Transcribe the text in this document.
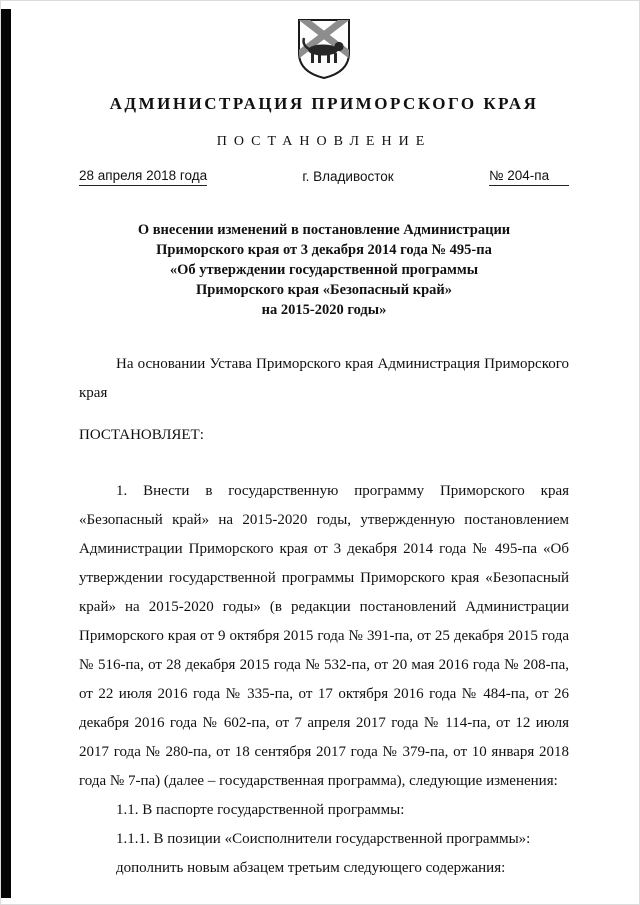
АДМИНИСТРАЦИЯ ПРИМОРСКОГО КРАЯ
ПОСТАНОВЛЕНИЕ
28 апреля 2018 года	г. Владивосток	№ 204-па
О внесении изменений в постановление Администрации
Приморского края от 3 декабря 2014 года № 495-па
«Об утверждении государственной программы
Приморского края «Безопасный край»
на 2015-2020 годы»

На основании Устава Приморского края Администрация Приморского края

ПОСТАНОВЛЯЕТ:

1. Внести в государственную программу Приморского края «Безопасный край» на 2015-2020 годы, утвержденную постановлением Администрации Приморского края от 3 декабря 2014 года № 495-па «Об утверждении государственной программы Приморского края «Безопасный край» на 2015-2020 годы» (в редакции постановлений Администрации Приморского края от 9 октября 2015 года № 391-па, от 25 декабря 2015 года № 516-па, от 28 декабря 2015 года № 532-па, от 20 мая 2016 года № 208-па, от 22 июля 2016 года № 335-па, от 17 октября 2016 года № 484-па, от 26 декабря 2016 года № 602-па, от 7 апреля 2017 года № 114-па, от 12 июля 2017 года № 280-па, от 18 сентября 2017 года № 379-па, от 10 января 2018 года № 7-па) (далее – государственная программа), следующие изменения:

1.1. В паспорте государственной программы:

1.1.1. В позиции «Соисполнители государственной программы»:

дополнить новым абзацем третьим следующего содержания:
